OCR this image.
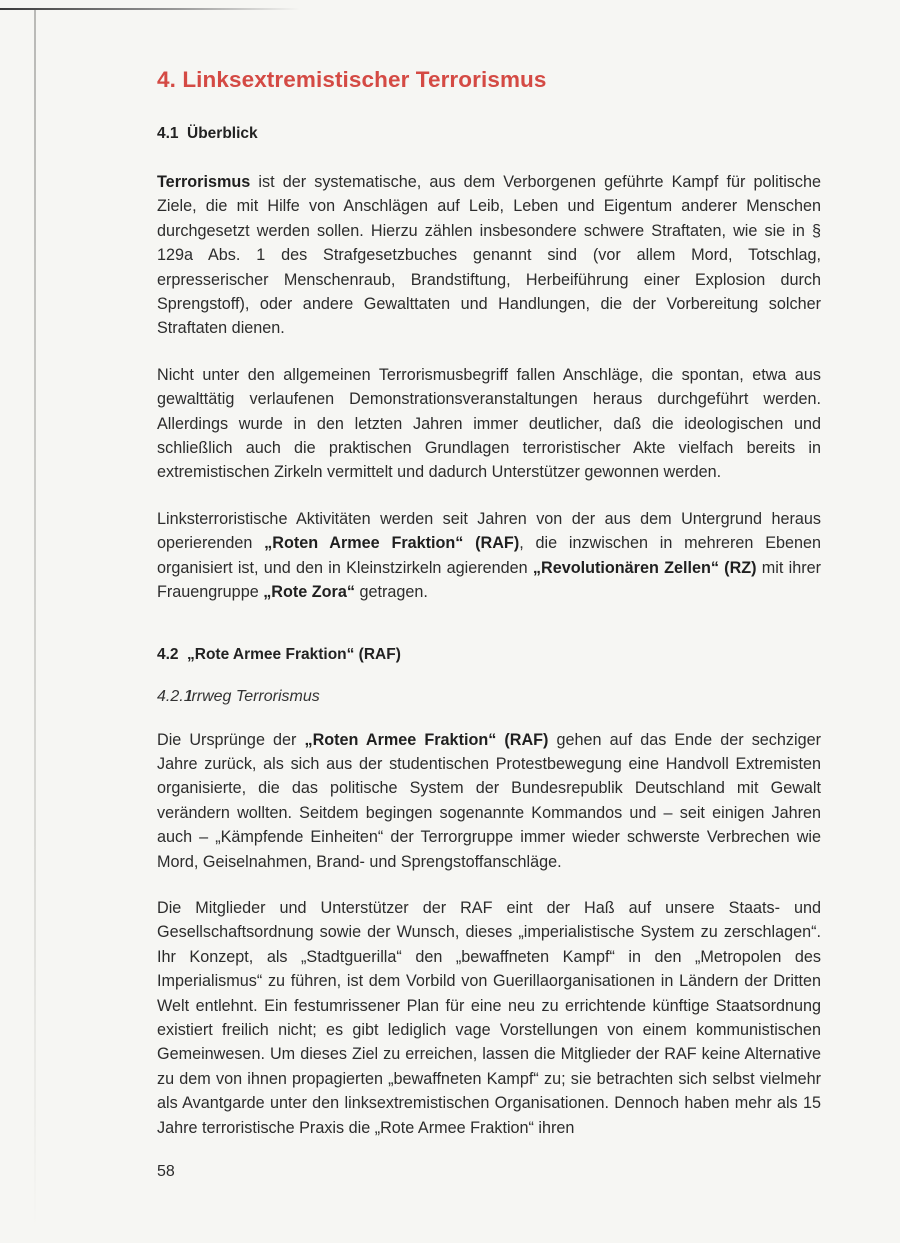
4. Linksextremistischer Terrorismus
4.1 Überblick

Terrorismus ist der systematische, aus dem Verborgenen geführte Kampf für politische Ziele, die mit Hilfe von Anschlägen auf Leib, Leben und Eigentum anderer Menschen durchgesetzt werden sollen. Hierzu zählen insbesondere schwere Straftaten, wie sie in § 129a Abs. 1 des Strafgesetzbuches genannt sind (vor allem Mord, Totschlag, erpresserischer Menschenraub, Brandstiftung, Herbeiführung einer Explosion durch Sprengstoff), oder andere Gewalttaten und Handlungen, die der Vorbereitung solcher Straftaten dienen.

Nicht unter den allgemeinen Terrorismusbegriff fallen Anschläge, die spontan, etwa aus gewalttätig verlaufenen Demonstrationsveranstaltungen heraus durchgeführt werden. Allerdings wurde in den letzten Jahren immer deutlicher, daß die ideologischen und schließlich auch die praktischen Grundlagen terroristischer Akte vielfach bereits in extremistischen Zirkeln vermittelt und dadurch Unterstützer gewonnen werden.

Linksterroristische Aktivitäten werden seit Jahren von der aus dem Untergrund heraus operierenden „Roten Armee Fraktion“ (RAF), die inzwischen in mehreren Ebenen organisiert ist, und den in Kleinstzirkeln agierenden „Revolutionären Zellen“ (RZ) mit ihrer Frauengruppe „Rote Zora“ getragen.

4.2 „Rote Armee Fraktion“ (RAF)
4.2.1Irrweg Terrorismus

Die Ursprünge der „Roten Armee Fraktion“ (RAF) gehen auf das Ende der sechziger Jahre zurück, als sich aus der studentischen Protestbewegung eine Handvoll Extremisten organisierte, die das politische System der Bundesrepublik Deutschland mit Gewalt verändern wollten. Seitdem begingen sogenannte Kommandos und – seit einigen Jahren auch – „Kämpfende Einheiten“ der Terrorgruppe immer wieder schwerste Verbrechen wie Mord, Geiselnahmen, Brand- und Sprengstoffanschläge.

Die Mitglieder und Unterstützer der RAF eint der Haß auf unsere Staats- und Gesellschaftsordnung sowie der Wunsch, dieses „imperialistische System zu zerschlagen“. Ihr Konzept, als „Stadtguerilla“ den „bewaffneten Kampf“ in den „Metropolen des Imperialismus“ zu führen, ist dem Vorbild von Guerillaorganisationen in Ländern der Dritten Welt entlehnt. Ein festumrissener Plan für eine neu zu errichtende künftige Staatsordnung existiert freilich nicht; es gibt lediglich vage Vorstellungen von einem kommunistischen Gemeinwesen. Um dieses Ziel zu erreichen, lassen die Mitglieder der RAF keine Alternative zu dem von ihnen propagierten „bewaffneten Kampf“ zu; sie betrachten sich selbst vielmehr als Avantgarde unter den linksextremistischen Organisationen. Dennoch haben mehr als 15 Jahre terroristische Praxis die „Rote Armee Fraktion“ ihren

58
